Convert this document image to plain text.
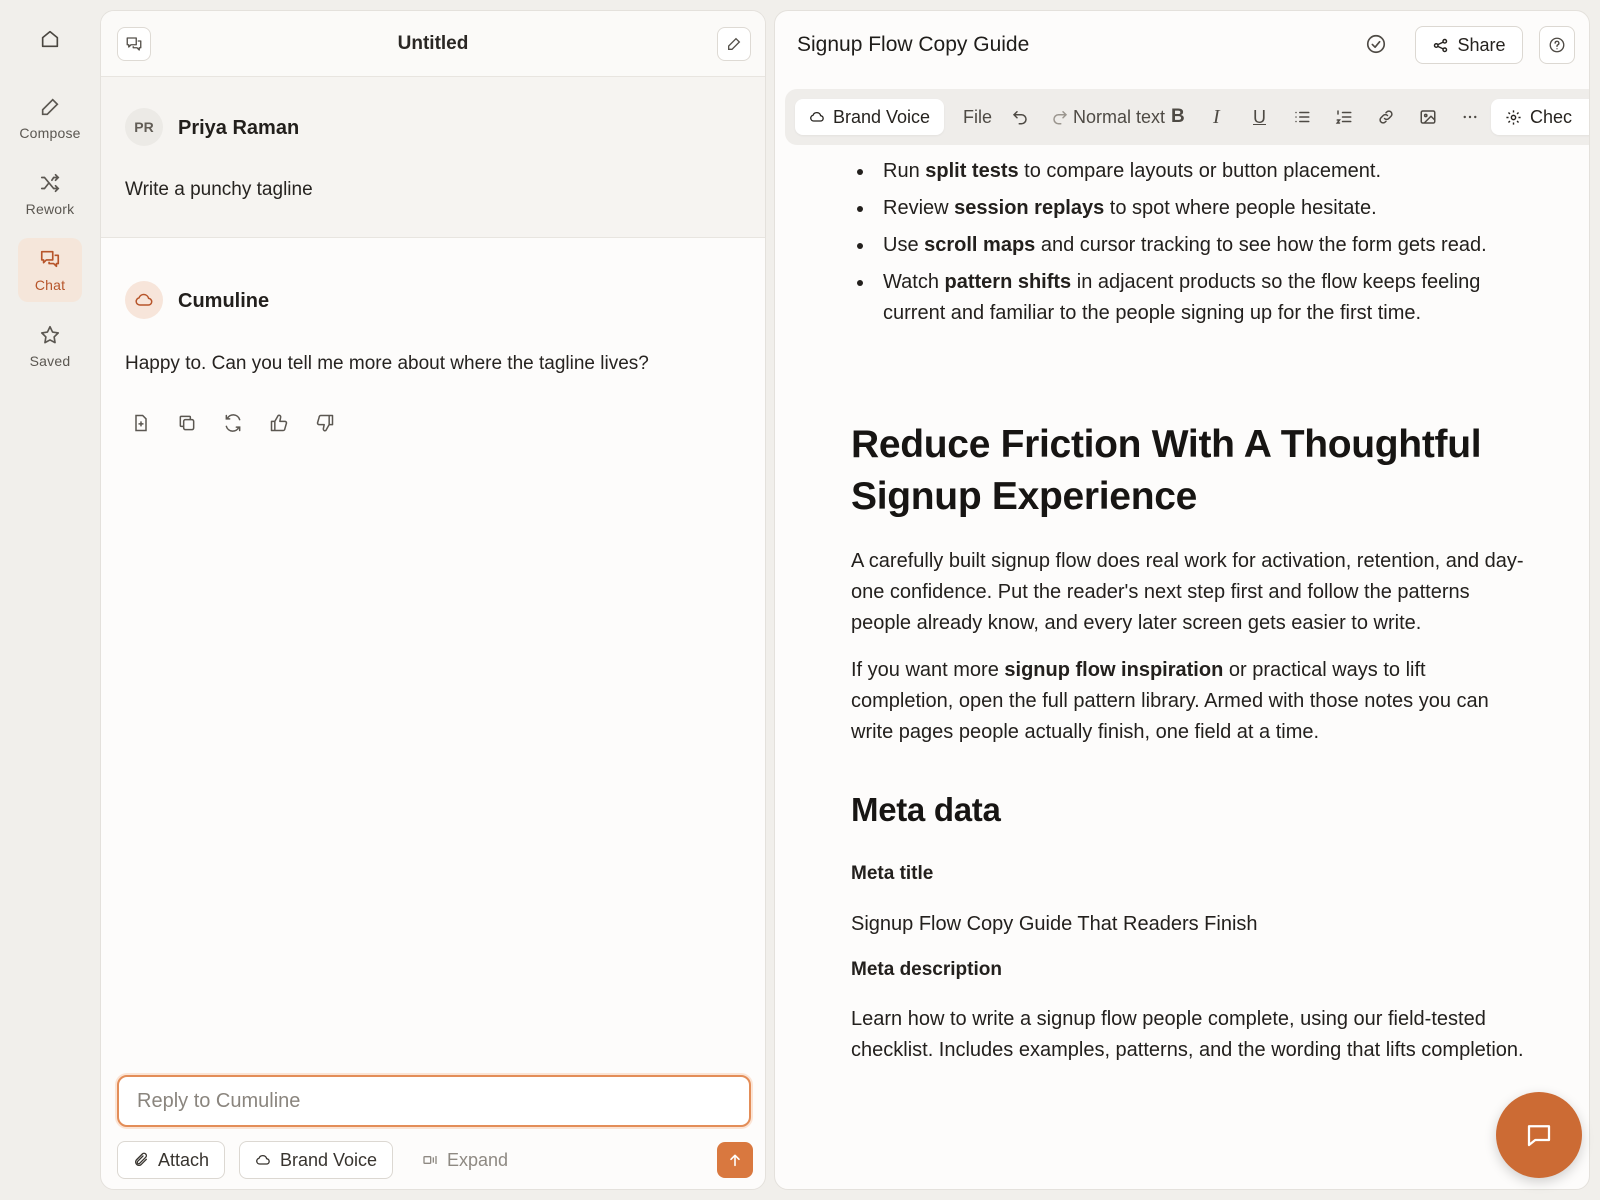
Compose
Rework
Chat
Saved
Untitled
PR	Priya Raman
Write a punchy tagline
Cumuline
Happy to. Can you tell me more about where the tagline lives?
Reply to Cumuline
Attach	Brand Voice	Expand
Signup Flow Copy Guide	Share
Brand Voice File	Normal text B I U	Chec
Run split tests to compare layouts or button placement.
Review session replays to spot where people hesitate.
Use scroll maps and cursor tracking to see how the form gets read.
Watch pattern shifts in adjacent products so the flow keeps feeling current and familiar to the people signing up for the first time.
Reduce Friction With A Thoughtful Signup Experience
A carefully built signup flow does real work for activation, retention, and day-one confidence. Put the reader's next step first and follow the patterns people already know, and every later screen gets easier to write.
If you want more signup flow inspiration or practical ways to lift completion, open the full pattern library. Armed with those notes you can write pages people actually finish, one field at a time.
Meta data
Meta title
Signup Flow Copy Guide That Readers Finish
Meta description
Learn how to write a signup flow people complete, using our field-tested checklist. Includes examples, patterns, and the wording that lifts completion.
